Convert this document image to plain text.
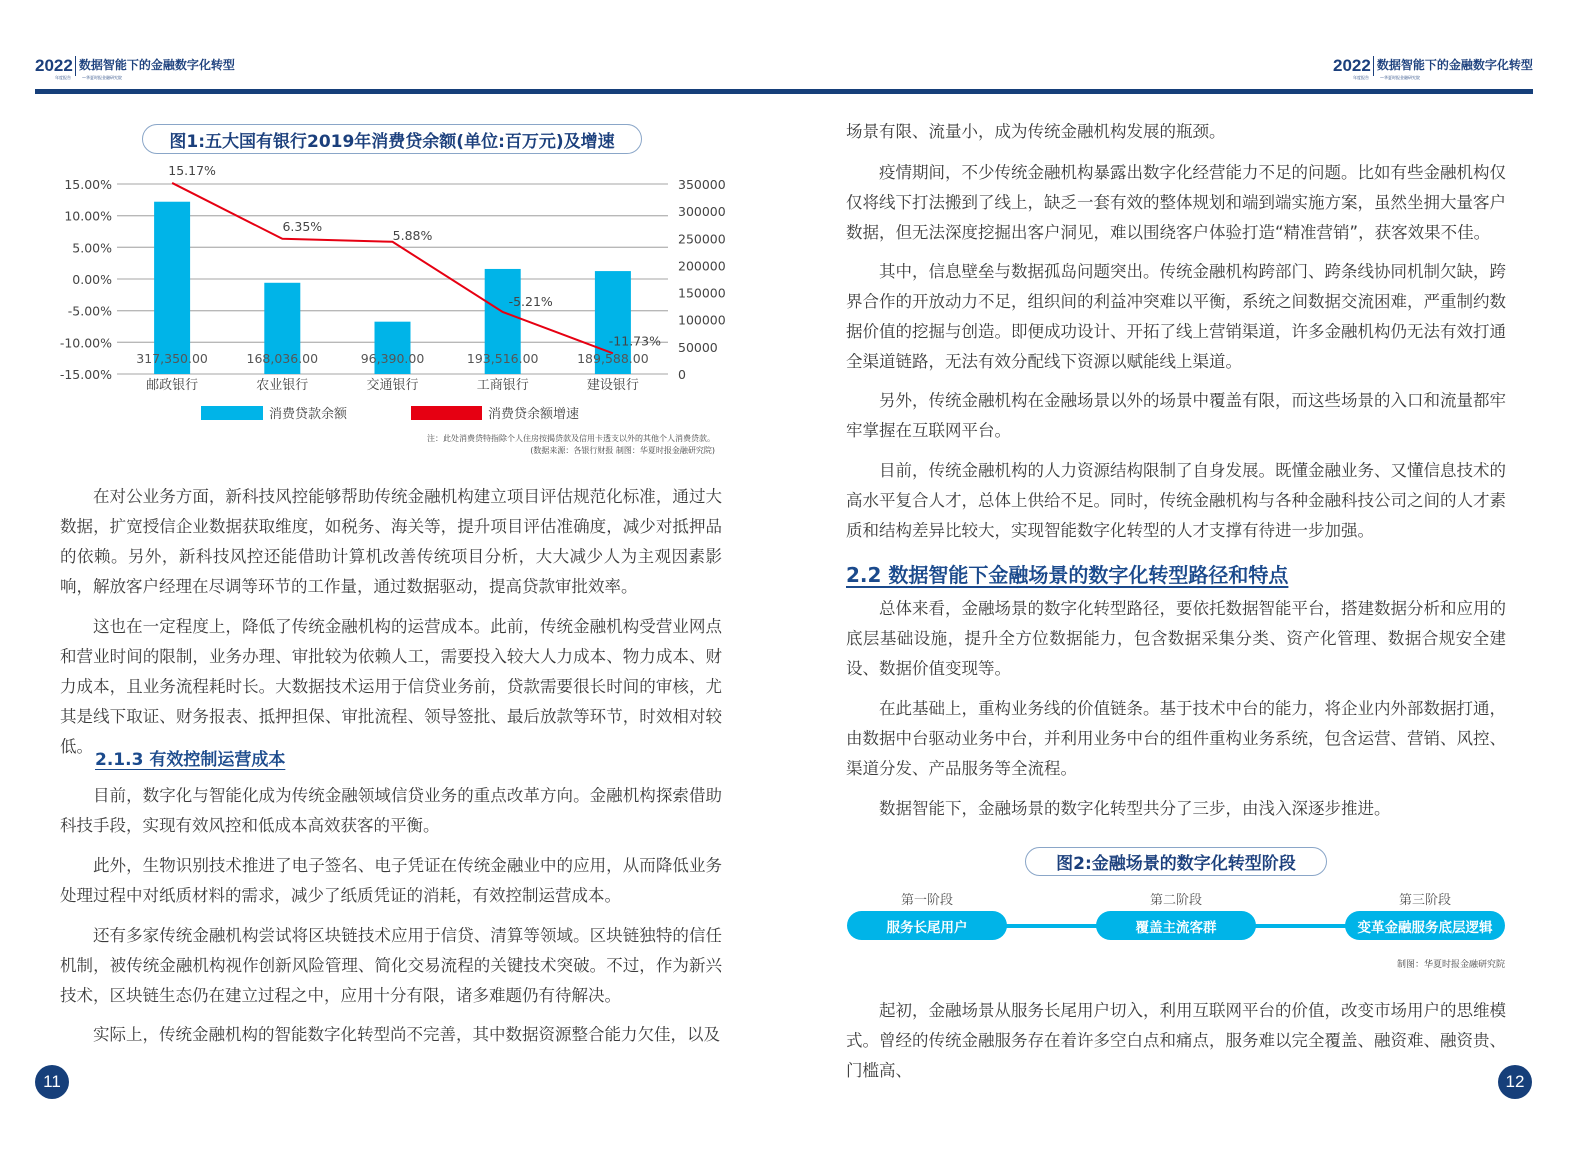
2022 数据智能下的金融数字化转型
年度报告	—华夏时报金融研究院
2022 数据智能下的金融数字化转型
年度报告	—华夏时报金融研究院
图1:五大国有银行2019年消费贷余额(单位:百万元)及增速
15.00%
10.00%
5.00%
0.00%
-5.00%
-10.00%
-15.00%
350000
300000
250000
200000
150000
100000
50000
0
317,350.00	168,036.00	96,390.00	193,516.00	189,588.00
邮政银行	农业银行	交通银行	工商银行	建设银行
15.17%
6.35%
5.88%
-5.21%
-11.73%
消费贷款余额	消费贷余额增速
注：此处消费贷特指除个人住房按揭贷款及信用卡透支以外的其他个人消费贷款。
(数据来源：各银行财报 制图：华夏时报金融研究院)
在对公业务方面，新科技风控能够帮助传统金融机构建立项目评估规范化标准，通过大数据，扩宽授信企业数据获取维度，如税务、海关等，提升项目评估准确度，减少对抵押品的依赖。另外，新科技风控还能借助计算机改善传统项目分析，大大减少人为主观因素影响，解放客户经理在尽调等环节的工作量，通过数据驱动，提高贷款审批效率。
这也在一定程度上，降低了传统金融机构的运营成本。此前，传统金融机构受营业网点和营业时间的限制，业务办理、审批较为依赖人工，需要投入较大人力成本、物力成本、财力成本，且业务流程耗时长。大数据技术运用于信贷业务前，贷款需要很长时间的审核，尤其是线下取证、财务报表、抵押担保、审批流程、领导签批、最后放款等环节，时效相对较低。
2.1.3 有效控制运营成本
目前，数字化与智能化成为传统金融领域信贷业务的重点改革方向。金融机构探索借助科技手段，实现有效风控和低成本高效获客的平衡。
此外，生物识别技术推进了电子签名、电子凭证在传统金融业中的应用，从而降低业务处理过程中对纸质材料的需求，减少了纸质凭证的消耗，有效控制运营成本。
还有多家传统金融机构尝试将区块链技术应用于信贷、清算等领域。区块链独特的信任机制，被传统金融机构视作创新风险管理、简化交易流程的关键技术突破。不过，作为新兴技术，区块链生态仍在建立过程之中，应用十分有限，诸多难题仍有待解决。
实际上，传统金融机构的智能数字化转型尚不完善，其中数据资源整合能力欠佳，以及
11
场景有限、流量小，成为传统金融机构发展的瓶颈。
疫情期间，不少传统金融机构暴露出数字化经营能力不足的问题。比如有些金融机构仅仅将线下打法搬到了线上，缺乏一套有效的整体规划和端到端实施方案，虽然坐拥大量客户数据，但无法深度挖掘出客户洞见，难以围绕客户体验打造“精准营销”，获客效果不佳。
其中，信息壁垒与数据孤岛问题突出。传统金融机构跨部门、跨条线协同机制欠缺，跨界合作的开放动力不足，组织间的利益冲突难以平衡，系统之间数据交流困难，严重制约数据价值的挖掘与创造。即便成功设计、开拓了线上营销渠道，许多金融机构仍无法有效打通全渠道链路，无法有效分配线下资源以赋能线上渠道。
另外，传统金融机构在金融场景以外的场景中覆盖有限，而这些场景的入口和流量都牢牢掌握在互联网平台。
目前，传统金融机构的人力资源结构限制了自身发展。既懂金融业务、又懂信息技术的高水平复合人才，总体上供给不足。同时，传统金融机构与各种金融科技公司之间的人才素质和结构差异比较大，实现智能数字化转型的人才支撑有待进一步加强。
2.2 数据智能下金融场景的数字化转型路径和特点
总体来看，金融场景的数字化转型路径，要依托数据智能平台，搭建数据分析和应用的底层基础设施，提升全方位数据能力，包含数据采集分类、资产化管理、数据合规安全建设、数据价值变现等。
在此基础上，重构业务线的价值链条。基于技术中台的能力，将企业内外部数据打通，由数据中台驱动业务中台，并利用业务中台的组件重构业务系统，包含运营、营销、风控、渠道分发、产品服务等全流程。
数据智能下，金融场景的数字化转型共分了三步，由浅入深逐步推进。
图2:金融场景的数字化转型阶段
第一阶段	第二阶段	第三阶段
服务长尾用户	覆盖主流客群	变革金融服务底层逻辑
制图：华夏时报金融研究院
起初，金融场景从服务长尾用户切入，利用互联网平台的价值，改变市场用户的思维模式。曾经的传统金融服务存在着许多空白点和痛点，服务难以完全覆盖、融资难、融资贵、门槛高、
12
